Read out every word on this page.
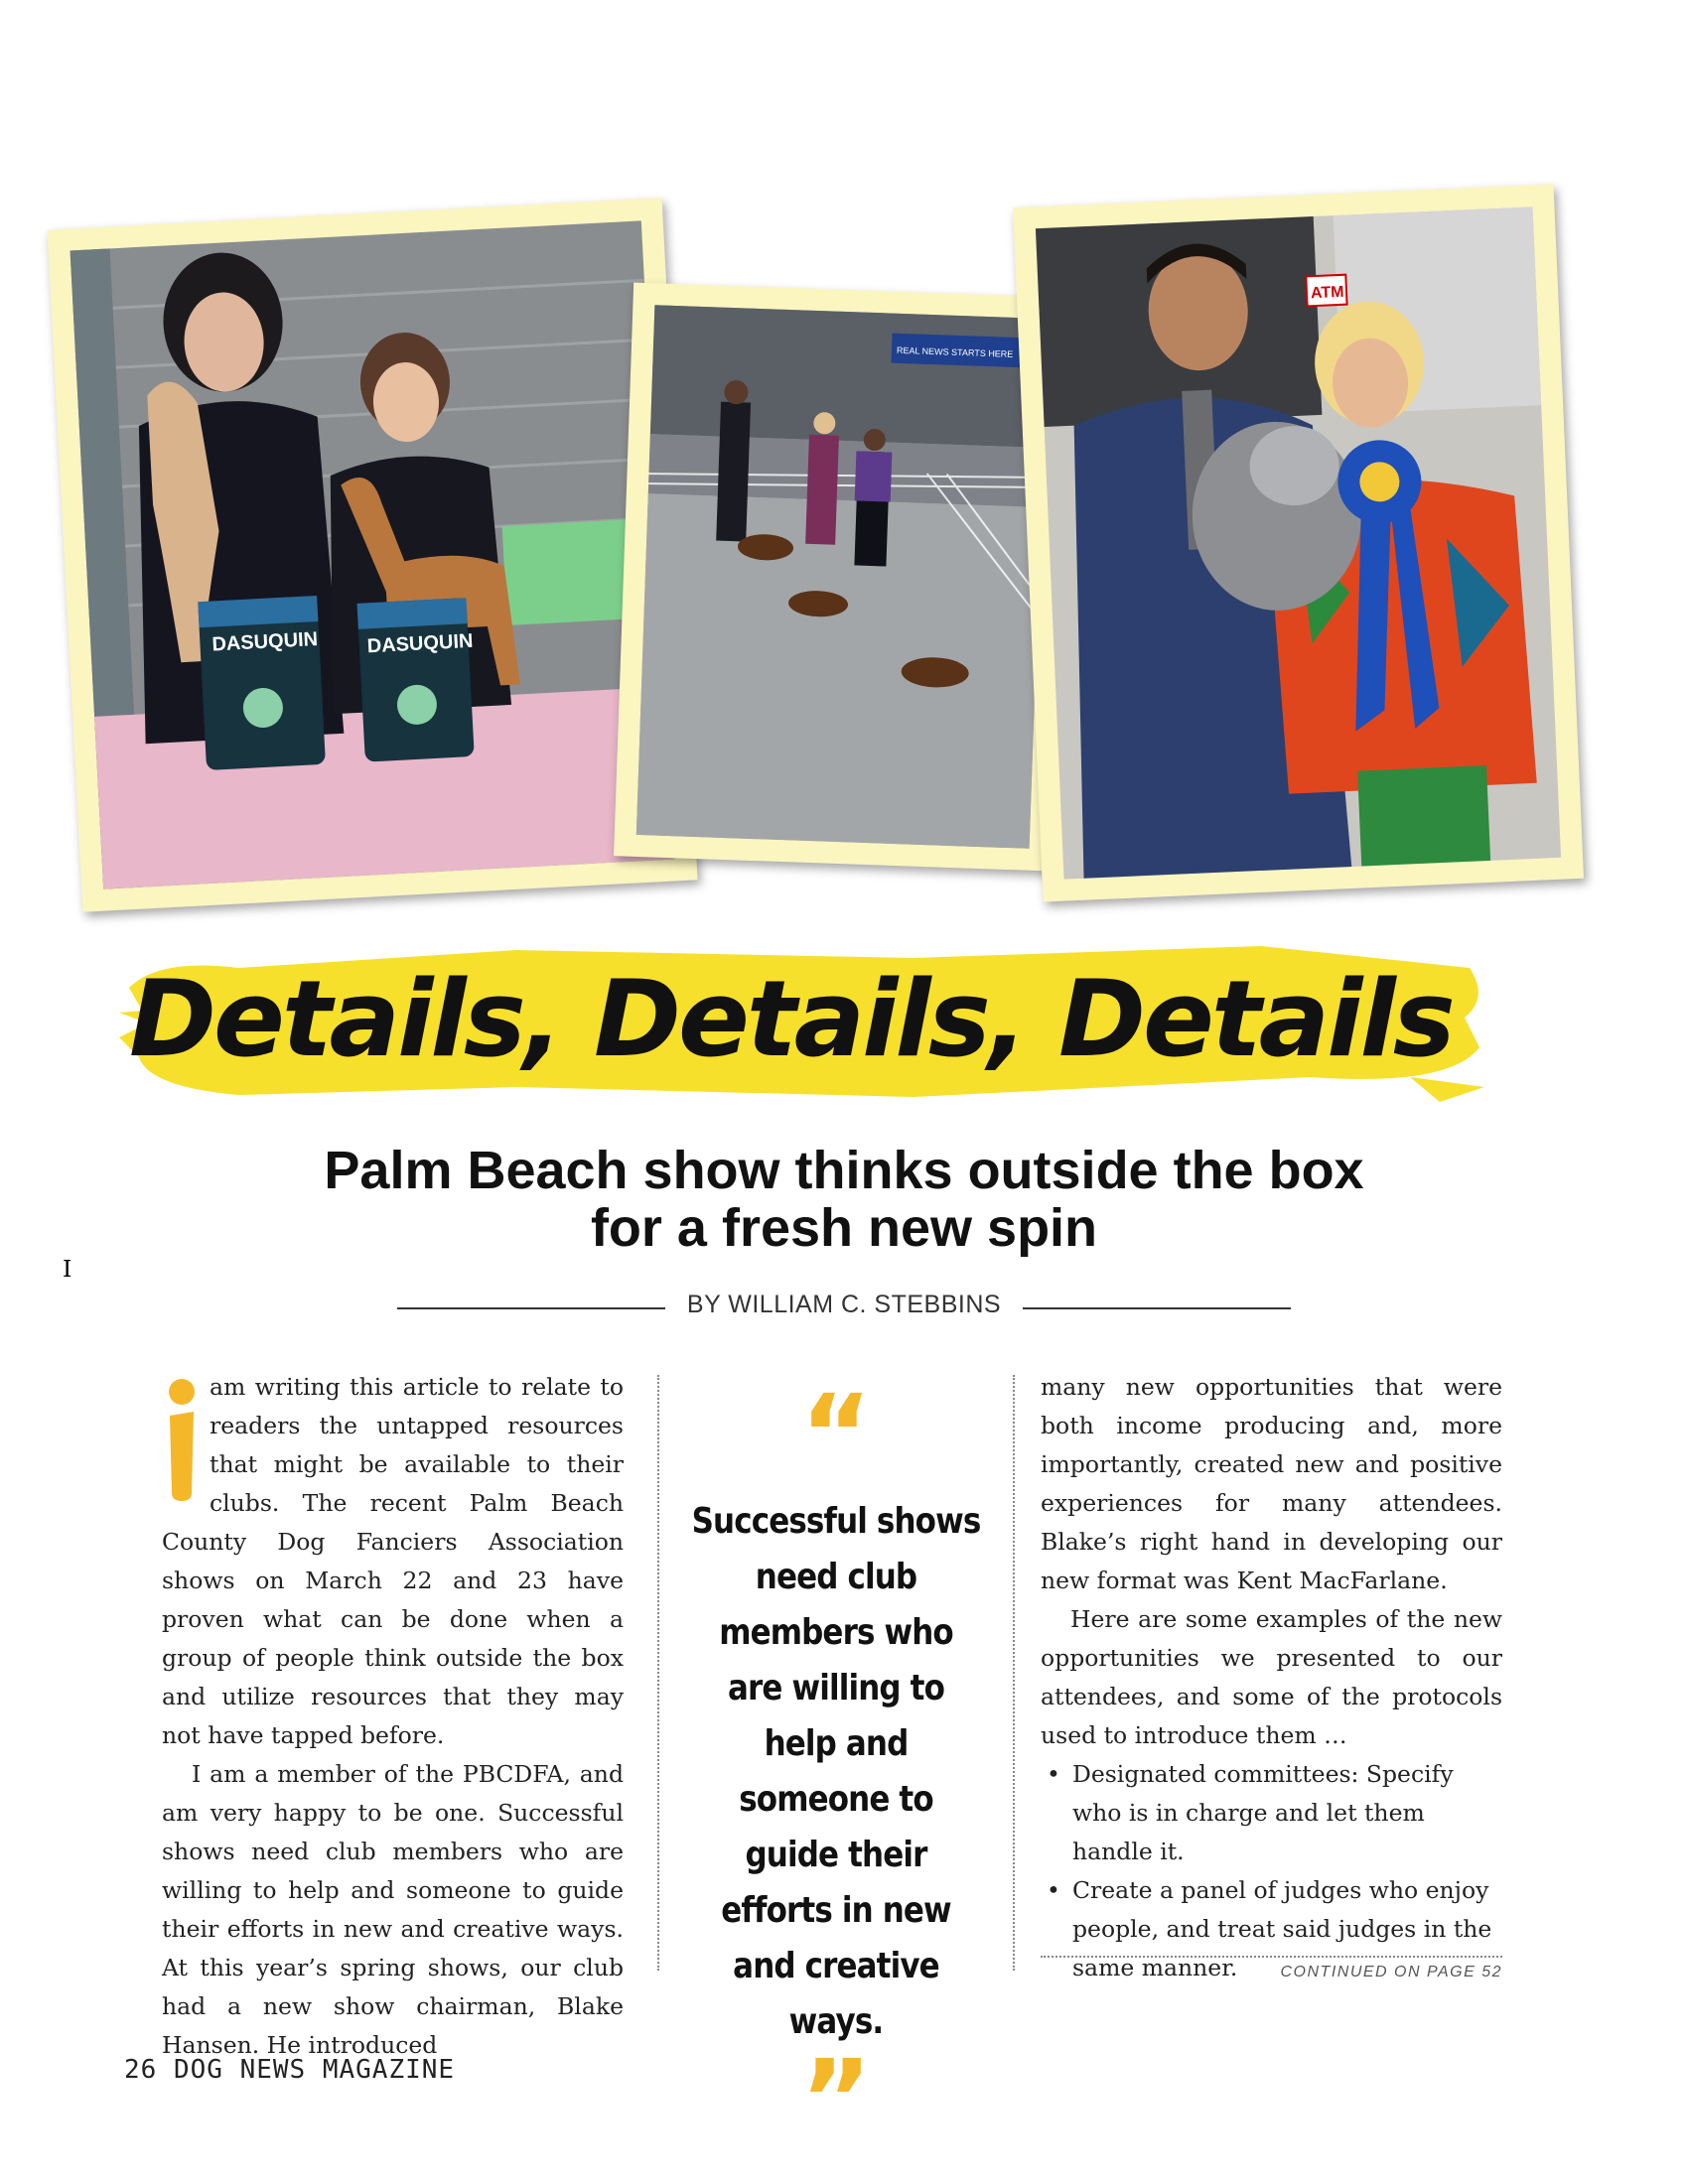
DASUQUIN DASUQUIN
REAL NEWS STARTS HERE
ATM
Details, Details, Details
Palm Beach show thinks outside the box
for a fresh new spin
BY WILLIAM C. STEBBINS
I

am writing this article to relate to readers the untapped resources that might be available to their clubs. The recent Palm Beach County Dog Fanciers Association shows on March 22 and 23 have proven what can be done when a group of people think outside the box and utilize resources that they may not have tapped before.

I am a member of the PBCDFA, and am very happy to be one. Successful shows need club members who are willing to help and someone to guide their efforts in new and creative ways. At this year’s spring shows, our club had a new show chairman, Blake Hansen. He introduced

“

Successful shows need club members who are willing to help and someone to guide their efforts in new and creative ways.

”

many new opportunities that were both income producing and, more importantly, created new and positive experiences for many attendees. Blake’s right hand in developing our new format was Kent MacFarlane.

Here are some examples of the new opportunities we presented to our attendees, and some of the protocols used to introduce them …

• Designated committees: Specify who is in charge and let them handle it.
• Create a panel of judges who enjoy people, and treat said judges in the same manner.	CONTINUED ON PAGE 52
26 DOG NEWS MAGAZINE
